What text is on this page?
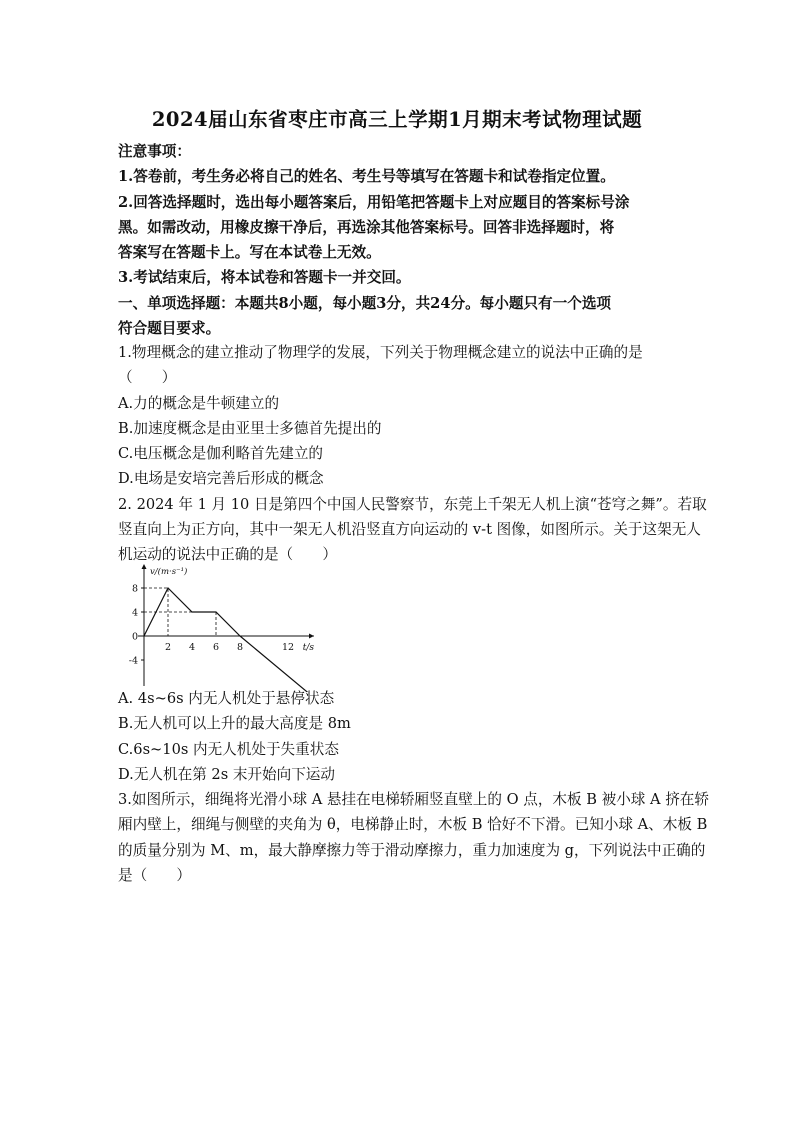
2024届山东省枣庄市高三上学期1月期末考试物理试题
注意事项：
1.答卷前，考生务必将自己的姓名、考生号等填写在答题卡和试卷指定位置。
2.回答选择题时，选出每小题答案后，用铅笔把答题卡上对应题目的答案标号涂
黑。如需改动，用橡皮擦干净后，再选涂其他答案标号。回答非选择题时，将
答案写在答题卡上。写在本试卷上无效。
3.考试结束后，将本试卷和答题卡一并交回。
一、单项选择题：本题共8小题，每小题3分，共24分。每小题只有一个选项
符合题目要求。
1.物理概念的建立推动了物理学的发展，下列关于物理概念建立的说法中正确的是
（　　）
A.力的概念是牛顿建立的
B.加速度概念是由亚里士多德首先提出的
C.电压概念是伽利略首先建立的
D.电场是安培完善后形成的概念
2. 2024 年 1 月 10 日是第四个中国人民警察节，东莞上千架无人机上演“苍穹之舞”。若取
竖直向上为正方向，其中一架无人机沿竖直方向运动的 v-t 图像，如图所示。关于这架无人
机运动的说法中正确的是（　　）
v/(m·s⁻¹)
t/s
8
4
0
-4
2 4 6 8	12
A. 4s~6s 内无人机处于悬停状态
B.无人机可以上升的最大高度是 8m
C.6s~10s 内无人机处于失重状态
D.无人机在第 2s 末开始向下运动
3.如图所示，细绳将光滑小球 A 悬挂在电梯轿厢竖直壁上的 O 点，木板 B 被小球 A 挤在轿
厢内壁上，细绳与侧壁的夹角为 θ，电梯静止时，木板 B 恰好不下滑。已知小球 A、木板 B
的质量分别为 M、m，最大静摩擦力等于滑动摩擦力，重力加速度为 g，下列说法中正确的
是（　　）
